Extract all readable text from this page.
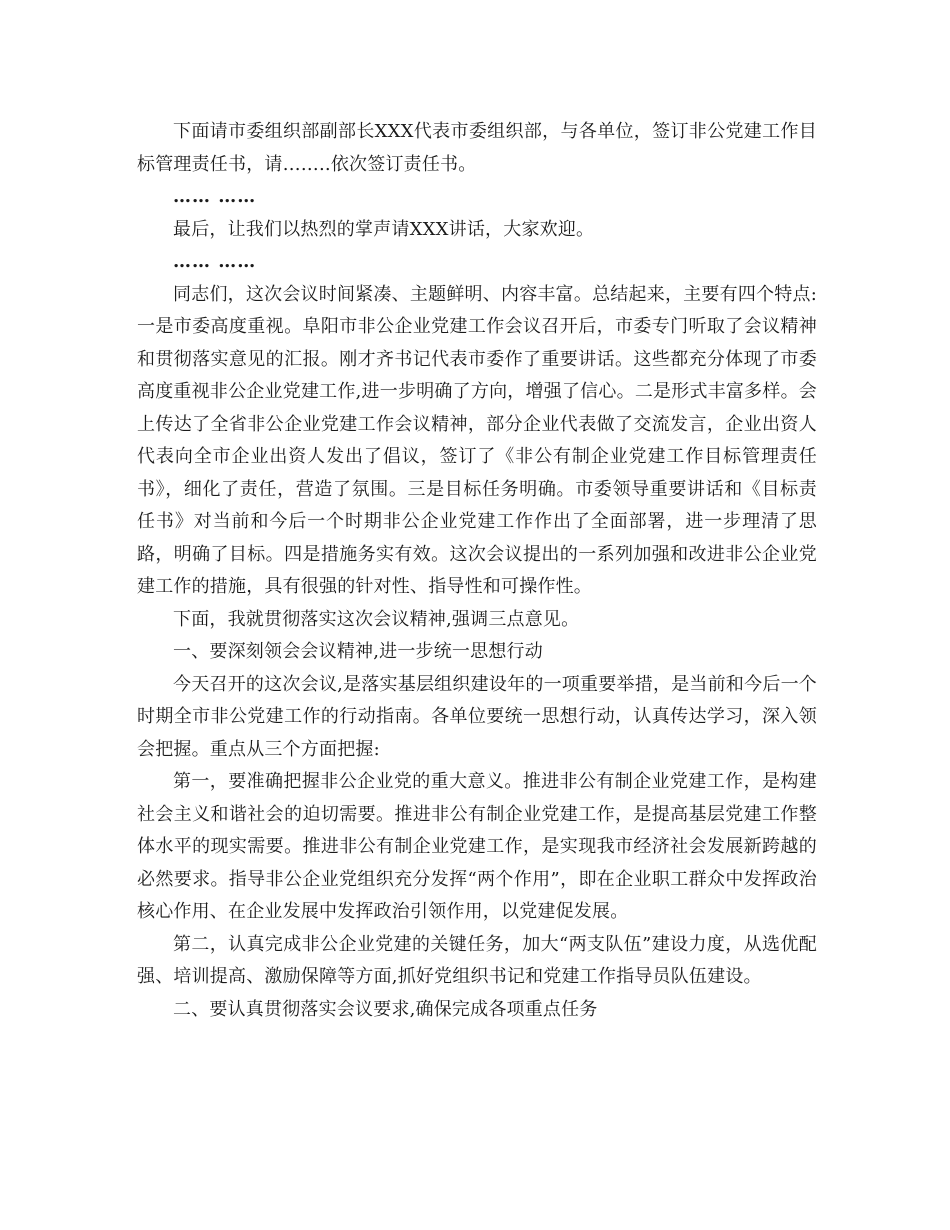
下面请市委组织部副部长XXX代表市委组织部，与各单位，签订非公党建工作目标管理责任书，请……..依次签订责任书。

…… ……

最后，让我们以热烈的掌声请XXX讲话，大家欢迎。

…… ……

同志们，这次会议时间紧凑、主题鲜明、内容丰富。总结起来，主要有四个特点:一是市委高度重视。阜阳市非公企业党建工作会议召开后，市委专门听取了会议精神和贯彻落实意见的汇报。刚才齐书记代表市委作了重要讲话。这些都充分体现了市委高度重视非公企业党建工作,进一步明确了方向，增强了信心。二是形式丰富多样。会上传达了全省非公企业党建工作会议精神，部分企业代表做了交流发言，企业出资人代表向全市企业出资人发出了倡议，签订了《非公有制企业党建工作目标管理责任书》，细化了责任，营造了氛围。三是目标任务明确。市委领导重要讲话和《目标责任书》对当前和今后一个时期非公企业党建工作作出了全面部署，进一步理清了思路，明确了目标。四是措施务实有效。这次会议提出的一系列加强和改进非公企业党建工作的措施，具有很强的针对性、指导性和可操作性。

下面，我就贯彻落实这次会议精神,强调三点意见。

一、要深刻领会会议精神,进一步统一思想行动

今天召开的这次会议,是落实基层组织建设年的一项重要举措，是当前和今后一个时期全市非公党建工作的行动指南。各单位要统一思想行动，认真传达学习，深入领会把握。重点从三个方面把握:

第一，要准确把握非公企业党的重大意义。推进非公有制企业党建工作，是构建社会主义和谐社会的迫切需要。推进非公有制企业党建工作，是提高基层党建工作整体水平的现实需要。推进非公有制企业党建工作，是实现我市经济社会发展新跨越的必然要求。指导非公企业党组织充分发挥“两个作用”，即在企业职工群众中发挥政治核心作用、在企业发展中发挥政治引领作用，以党建促发展。

第二，认真完成非公企业党建的关键任务，加大“两支队伍”建设力度，从选优配强、培训提高、激励保障等方面,抓好党组织书记和党建工作指导员队伍建设。

二、要认真贯彻落实会议要求,确保完成各项重点任务
